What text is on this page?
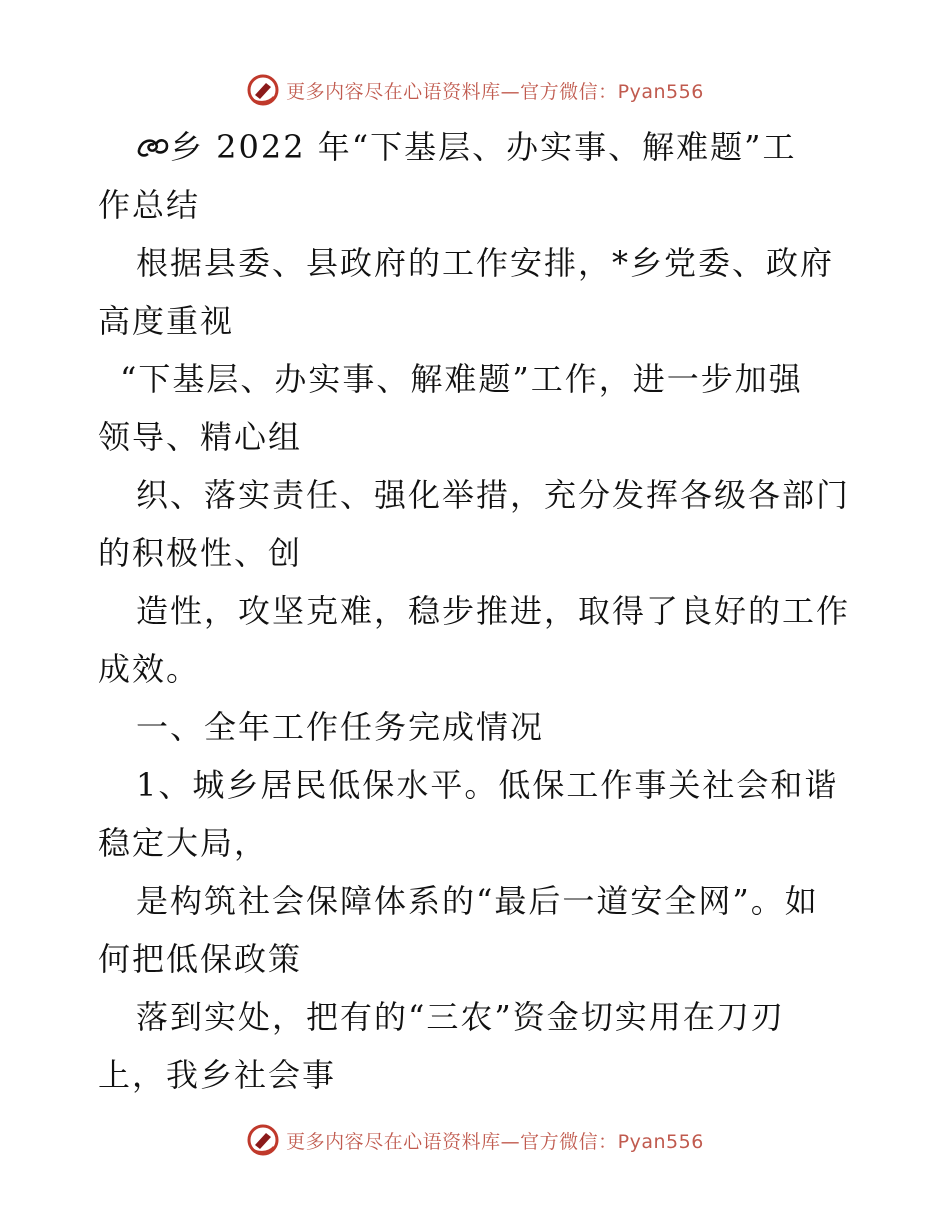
更多内容尽在心语资料库—官方微信：Pyan556
乡 2022 年“下基层、办实事、解难题”工
作总结
根据县委、县政府的工作安排，*乡党委、政府
高度重视
“下基层、办实事、解难题”工作，进一步加强
领导、精心组
织、落实责任、强化举措，充分发挥各级各部门
的积极性、创
造性，攻坚克难，稳步推进，取得了良好的工作
成效。
一、全年工作任务完成情况
1、城乡居民低保水平。低保工作事关社会和谐
稳定大局，
是构筑社会保障体系的“最后一道安全网”。如
何把低保政策
落到实处，把有的“三农”资金切实用在刀刃
上，我乡社会事
更多内容尽在心语资料库—官方微信：Pyan556
